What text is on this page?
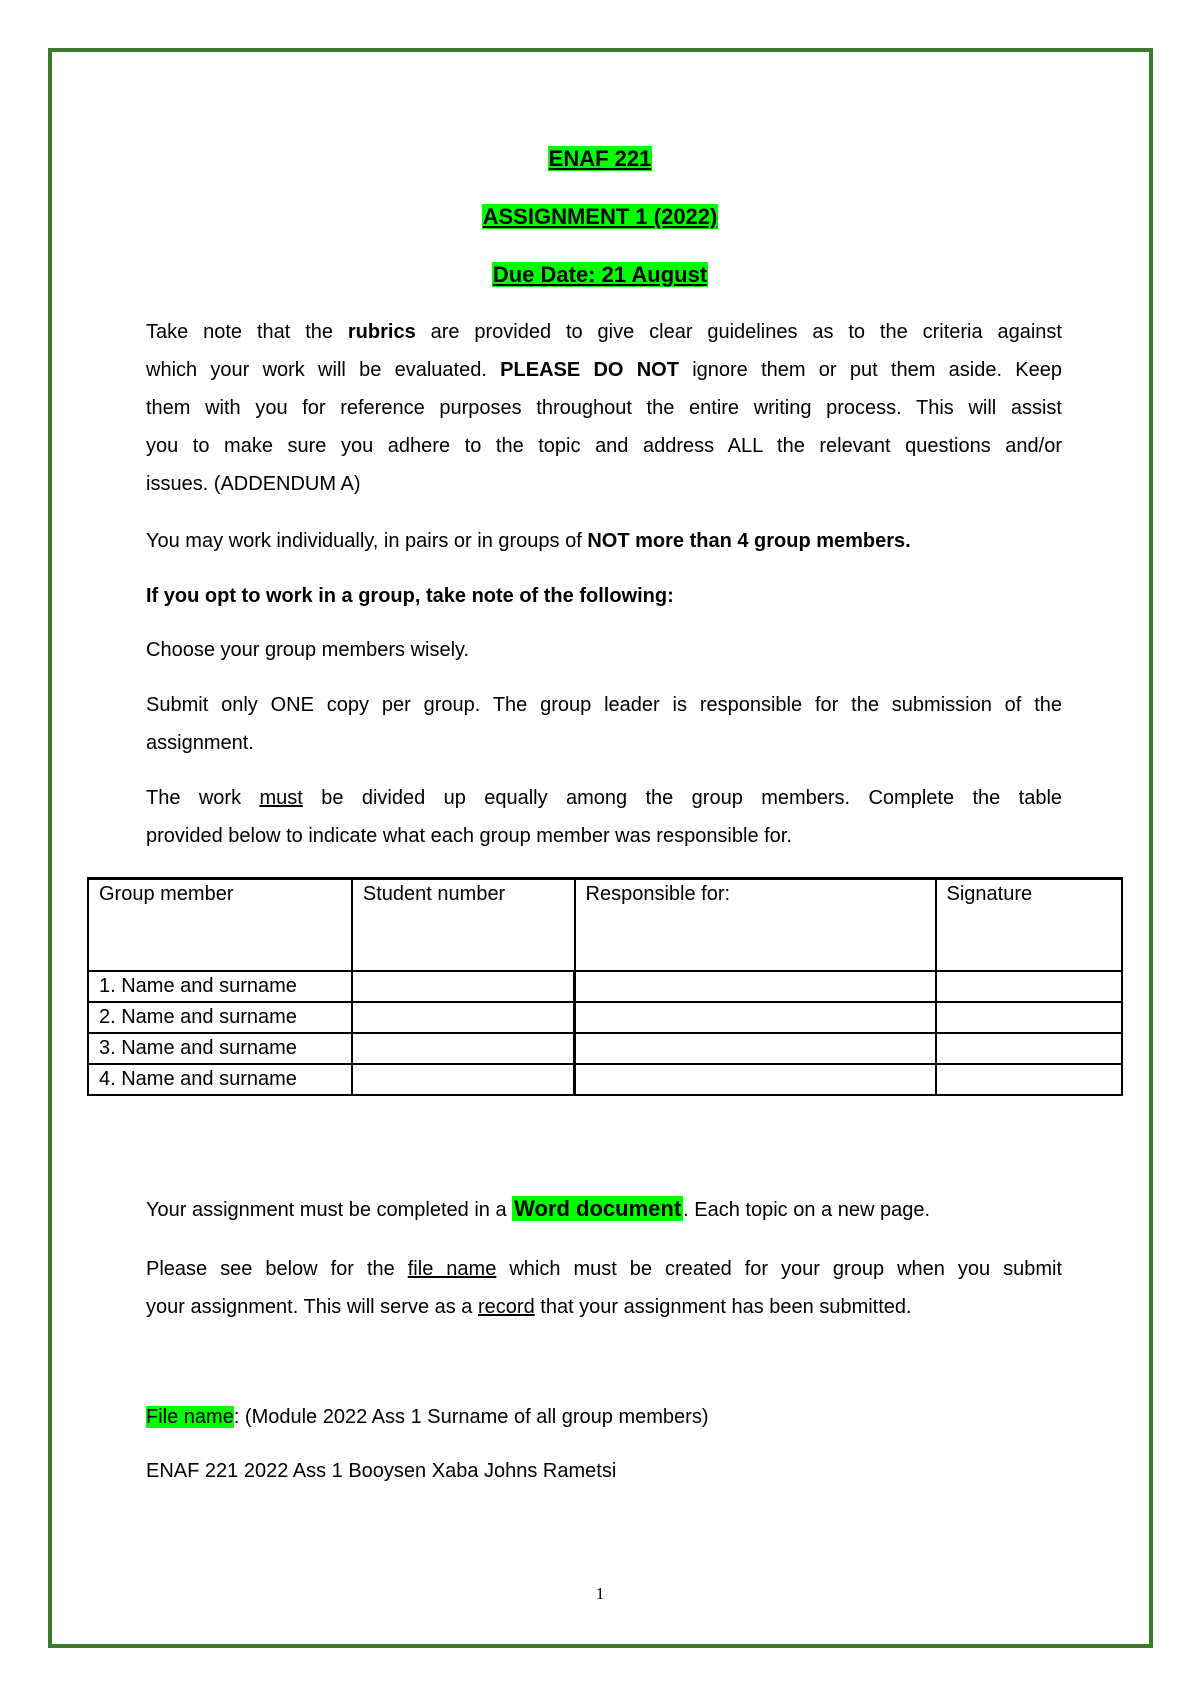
ENAF 221
ASSIGNMENT 1 (2022)
Due Date: 21 August
Take note that the rubrics are provided to give clear guidelines as to the criteria against
which your work will be evaluated. PLEASE DO NOT ignore them or put them aside. Keep
them with you for reference purposes throughout the entire writing process. This will assist
you to make sure you adhere to the topic and address ALL the relevant questions and/or
issues. (ADDENDUM A)
You may work individually, in pairs or in groups of NOT more than 4 group members.
If you opt to work in a group, take note of the following:
Choose your group members wisely.
Submit only ONE copy per group. The group leader is responsible for the submission of the
assignment.
The work must be divided up equally among the group members. Complete the table
provided below to indicate what each group member was responsible for.
Group member	Student number	Responsible for:	Signature
1. Name and surname			
2. Name and surname			
3. Name and surname			
4. Name and surname			
Your assignment must be completed in a Word document . Each topic on a new page.
Please see below for the file name which must be created for your group when you submit
your assignment. This will serve as a record that your assignment has been submitted.
File name: (Module 2022 Ass 1 Surname of all group members)
ENAF 221 2022 Ass 1 Booysen Xaba Johns Rametsi
1
